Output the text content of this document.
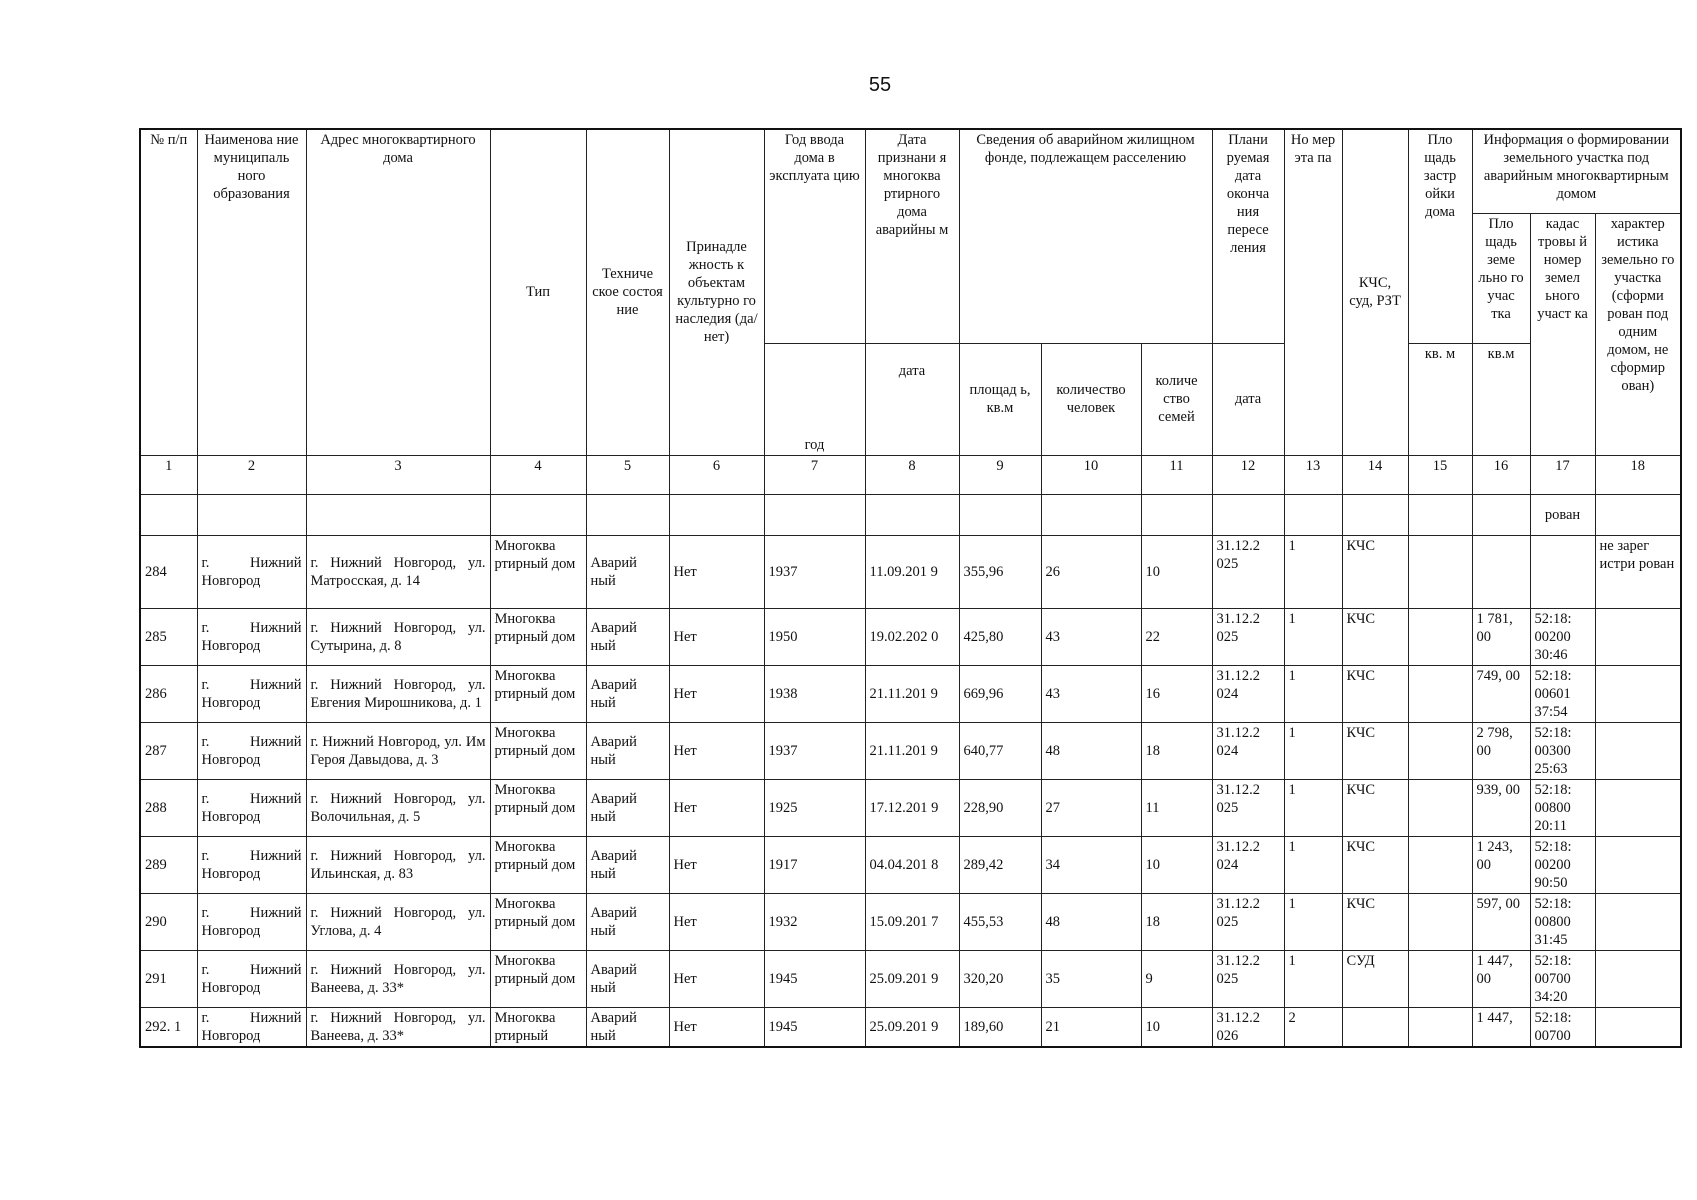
55
№ п/п	Наименова ние муниципаль ного образования	Адрес многоквартирного дома	Тип	Техниче ское состоя ние	Принадле жность к объектам культурно го наследия (да/нет)	Год ввода дома в эксплуата цию	Дата признани я многоква ртирного дома аварийны м	Сведения об аварийном жилищном фонде, подлежащем расселению			Плани руемая дата оконча ния пересе ления	Но мер эта па	КЧС, суд, РЗТ	Пло щадь застр ойки дома	Информация о формировании земельного участка под аварийным многоквартирным домом		
															Пло щадь земе льно го учас тка	кадас тровы й номер земел ьного участ ка	характер истика земельно го участка (сформи рован под одним домом, не сформир ован)
						год	дата	площад ь, кв.м	количество человек	количе ство семей	дата			кв. м	кв.м		
1	2	3	4	5	6	7	8	9	10	11	12	13	14	15	16	17	18
																рован	
284	г. Нижний Новгород	г. Нижний Новгород, ул. Матросская, д. 14	Многоква ртирный дом	Аварий ный	Нет	1937	11.09.201 9	355,96	26	10	31.12.2 025	1	КЧС				не зарег истри рован
285	г. Нижний Новгород	г. Нижний Новгород, ул. Сутырина, д. 8	Многоква ртирный дом	Аварий ный	Нет	1950	19.02.202 0	425,80	43	22	31.12.2 025	1	КЧС		1 781, 00	52:18: 00200 30:46	
286	г. Нижний Новгород	г. Нижний Новгород, ул. Евгения Мирошникова, д. 1	Многоква ртирный дом	Аварий ный	Нет	1938	21.11.201 9	669,96	43	16	31.12.2 024	1	КЧС		749, 00	52:18: 00601 37:54	
287	г. Нижний Новгород	г. Нижний Новгород, ул. Им Героя Давыдова, д. 3	Многоква ртирный дом	Аварий ный	Нет	1937	21.11.201 9	640,77	48	18	31.12.2 024	1	КЧС		2 798, 00	52:18: 00300 25:63	
288	г. Нижний Новгород	г. Нижний Новгород, ул. Волочильная, д. 5	Многоква ртирный дом	Аварий ный	Нет	1925	17.12.201 9	228,90	27	11	31.12.2 025	1	КЧС		939, 00	52:18: 00800 20:11	
289	г. Нижний Новгород	г. Нижний Новгород, ул. Ильинская, д. 83	Многоква ртирный дом	Аварий ный	Нет	1917	04.04.201 8	289,42	34	10	31.12.2 024	1	КЧС		1 243, 00	52:18: 00200 90:50	
290	г. Нижний Новгород	г. Нижний Новгород, ул. Углова, д. 4	Многоква ртирный дом	Аварий ный	Нет	1932	15.09.201 7	455,53	48	18	31.12.2 025	1	КЧС		597, 00	52:18: 00800 31:45	
291	г. Нижний Новгород	г. Нижний Новгород, ул. Ванеева, д. 33*	Многоква ртирный дом	Аварий ный	Нет	1945	25.09.201 9	320,20	35	9	31.12.2 025	1	СУД		1 447, 00	52:18: 00700 34:20	
292. 1	г. Нижний Новгород	г. Нижний Новгород, ул. Ванеева, д. 33*	Многоква ртирный	Аварий ный	Нет	1945	25.09.201 9	189,60	21	10	31.12.2 026	2			1 447,	52:18: 00700	
